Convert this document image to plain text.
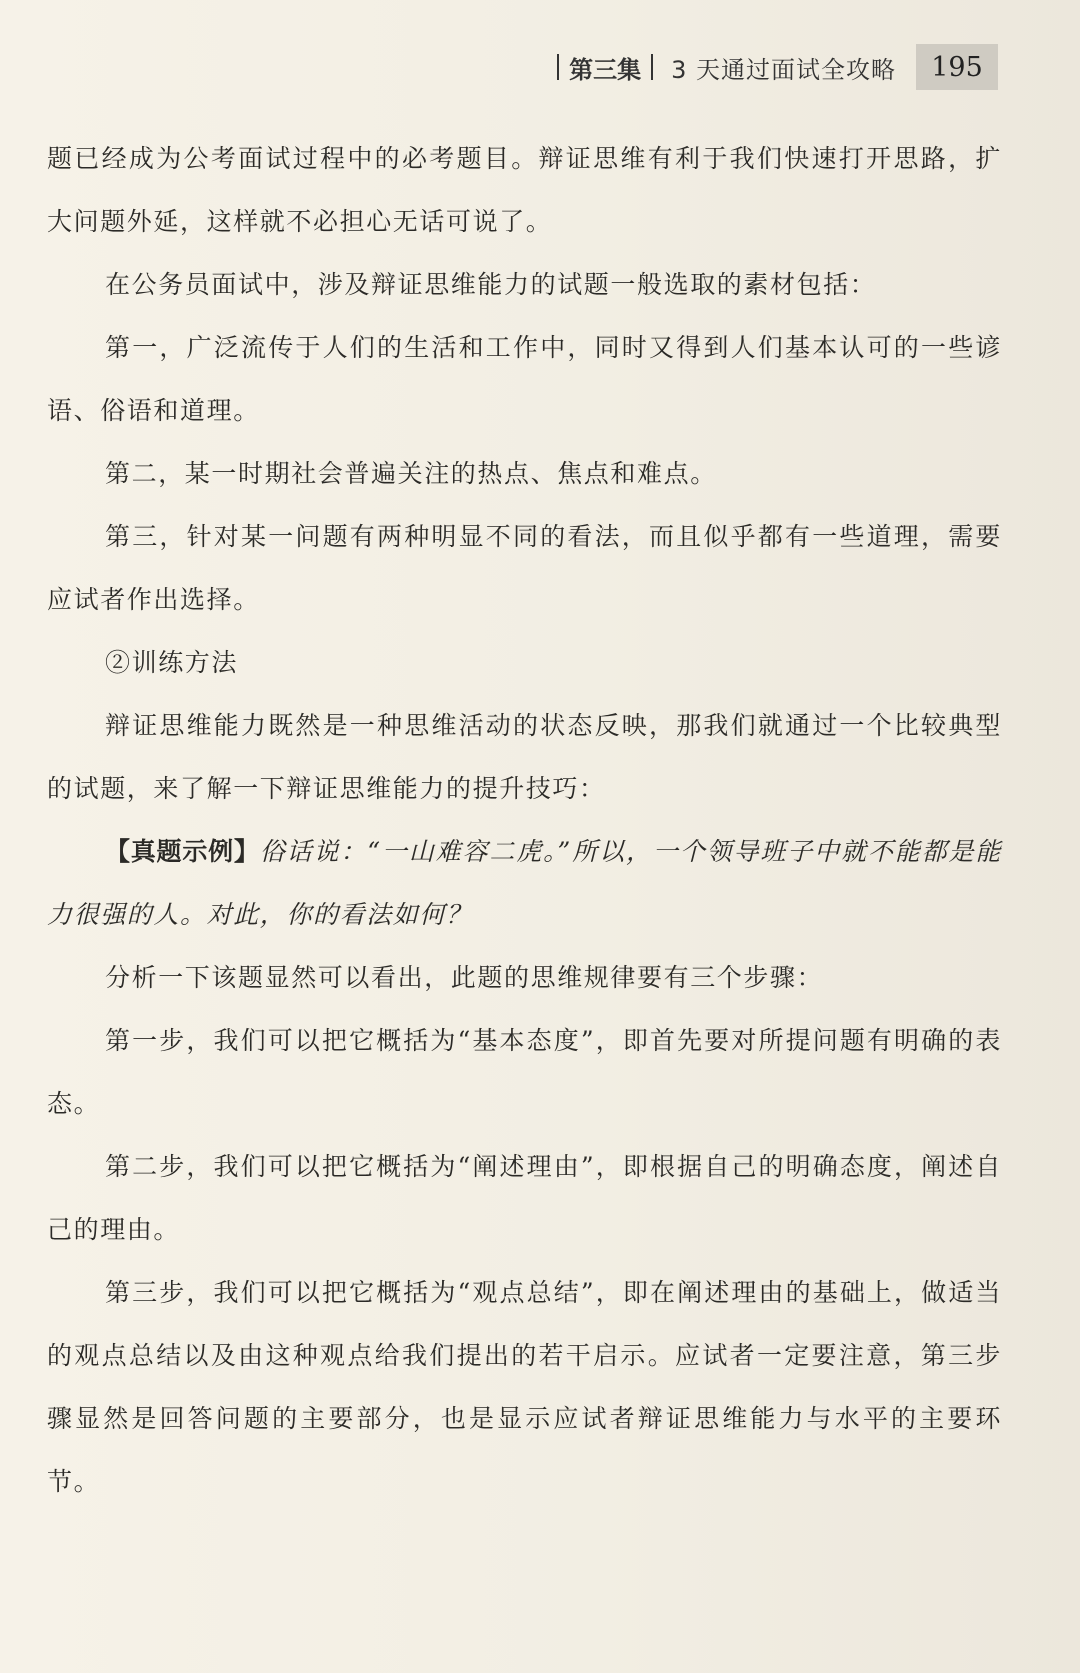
第三集 3 天通过面试全攻略	195

题已经成为公考面试过程中的必考题目。辩证思维有利于我们快速打开思路，扩大问题外延，这样就不必担心无话可说了。

在公务员面试中，涉及辩证思维能力的试题一般选取的素材包括：

第一，广泛流传于人们的生活和工作中，同时又得到人们基本认可的一些谚语、俗语和道理。

第二，某一时期社会普遍关注的热点、焦点和难点。

第三，针对某一问题有两种明显不同的看法，而且似乎都有一些道理，需要应试者作出选择。

②训练方法

辩证思维能力既然是一种思维活动的状态反映，那我们就通过一个比较典型的试题，来了解一下辩证思维能力的提升技巧：

【真题示例】俗话说：“一山难容二虎。”所以，一个领导班子中就不能都是能力很强的人。对此，你的看法如何？

分析一下该题显然可以看出，此题的思维规律要有三个步骤：

第一步，我们可以把它概括为“基本态度”，即首先要对所提问题有明确的表态。

第二步，我们可以把它概括为“阐述理由”，即根据自己的明确态度，阐述自己的理由。

第三步，我们可以把它概括为“观点总结”，即在阐述理由的基础上，做适当的观点总结以及由这种观点给我们提出的若干启示。应试者一定要注意，第三步骤显然是回答问题的主要部分，也是显示应试者辩证思维能力与水平的主要环节。
